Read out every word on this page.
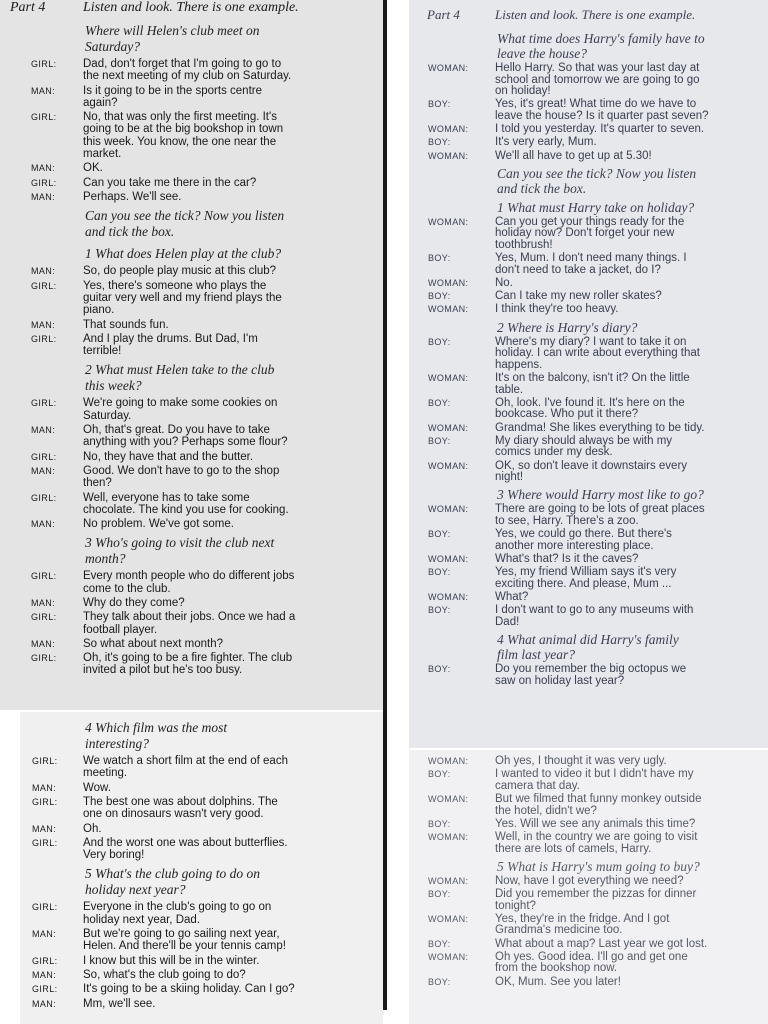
Part 4	Listen and look. There is one example.
Where will Helen's club meet on
Saturday?
GIRL: Dad, don't forget that I'm going to go to
the next meeting of my club on Saturday.
MAN: Is it going to be in the sports centre
again?
GIRL: No, that was only the first meeting. It's
going to be at the big bookshop in town
this week. You know, the one near the
market.
MAN: OK.
GIRL: Can you take me there in the car?
MAN: Perhaps. We'll see.
Can you see the tick? Now you listen
and tick the box.
1 What does Helen play at the club?
MAN: So, do people play music at this club?
GIRL: Yes, there's someone who plays the
guitar very well and my friend plays the
piano.
MAN: That sounds fun.
GIRL: And I play the drums. But Dad, I'm
terrible!
2 What must Helen take to the club
this week?
GIRL: We're going to make some cookies on
Saturday.
MAN: Oh, that's great. Do you have to take
anything with you? Perhaps some flour?
GIRL: No, they have that and the butter.
MAN: Good. We don't have to go to the shop
then?
GIRL: Well, everyone has to take some
chocolate. The kind you use for cooking.
MAN: No problem. We've got some.
3 Who's going to visit the club next
month?
GIRL: Every month people who do different jobs
come to the club.
MAN: Why do they come?
GIRL: They talk about their jobs. Once we had a
football player.
MAN: So what about next month?
GIRL: Oh, it's going to be a fire fighter. The club
invited a pilot but he's too busy.
4 Which film was the most
interesting?
GIRL: We watch a short film at the end of each
meeting.
MAN: Wow.
GIRL: The best one was about dolphins. The
one on dinosaurs wasn't very good.
MAN: Oh.
GIRL: And the worst one was about butterflies.
Very boring!
5 What's the club going to do on
holiday next year?
GIRL: Everyone in the club's going to go on
holiday next year, Dad.
MAN: But we're going to go sailing next year,
Helen. And there'll be your tennis camp!
GIRL: I know but this will be in the winter.
MAN: So, what's the club going to do?
GIRL: It's going to be a skiing holiday. Can I go?
MAN: Mm, we'll see.
Part 4	Listen and look. There is one example.
What time does Harry's family have to
leave the house?
WOMAN: Hello Harry. So that was your last day at
school and tomorrow we are going to go
on holiday!
BOY:	Yes, it's great! What time do we have to
leave the house? Is it quarter past seven?
WOMAN: I told you yesterday. It's quarter to seven.
BOY:	It's very early, Mum.
WOMAN: We'll all have to get up at 5.30!
Can you see the tick? Now you listen
and tick the box.
1 What must Harry take on holiday?
WOMAN: Can you get your things ready for the
holiday now? Don't forget your new
toothbrush!
BOY:	Yes, Mum. I don't need many things. I
don't need to take a jacket, do I?
WOMAN: No.
BOY:	Can I take my new roller skates?
WOMAN: I think they're too heavy.
2 Where is Harry's diary?
BOY:	Where's my diary? I want to take it on
holiday. I can write about everything that
happens.
WOMAN: It's on the balcony, isn't it? On the little
table.
BOY:	Oh, look. I've found it. It's here on the
bookcase. Who put it there?
WOMAN: Grandma! She likes everything to be tidy.
BOY:	My diary should always be with my
comics under my desk.
WOMAN: OK, so don't leave it downstairs every
night!
3 Where would Harry most like to go?
WOMAN: There are going to be lots of great places
to see, Harry. There's a zoo.
BOY:	Yes, we could go there. But there's
another more interesting place.
WOMAN: What's that? Is it the caves?
BOY:	Yes, my friend William says it's very
exciting there. And please, Mum ...
WOMAN: What?
BOY:	I don't want to go to any museums with
Dad!
4 What animal did Harry's family
film last year?
BOY:	Do you remember the big octopus we
saw on holiday last year?
WOMAN: Oh yes, I thought it was very ugly.
BOY:	I wanted to video it but I didn't have my
camera that day.
WOMAN: But we filmed that funny monkey outside
the hotel, didn't we?
BOY:	Yes. Will we see any animals this time?
WOMAN: Well, in the country we are going to visit
there are lots of camels, Harry.
5 What is Harry's mum going to buy?
WOMAN: Now, have I got everything we need?
BOY:	Did you remember the pizzas for dinner
tonight?
WOMAN: Yes, they're in the fridge. And I got
Grandma's medicine too.
BOY:	What about a map? Last year we got lost.
WOMAN: Oh yes. Good idea. I'll go and get one
from the bookshop now.
BOY:	OK, Mum. See you later!
